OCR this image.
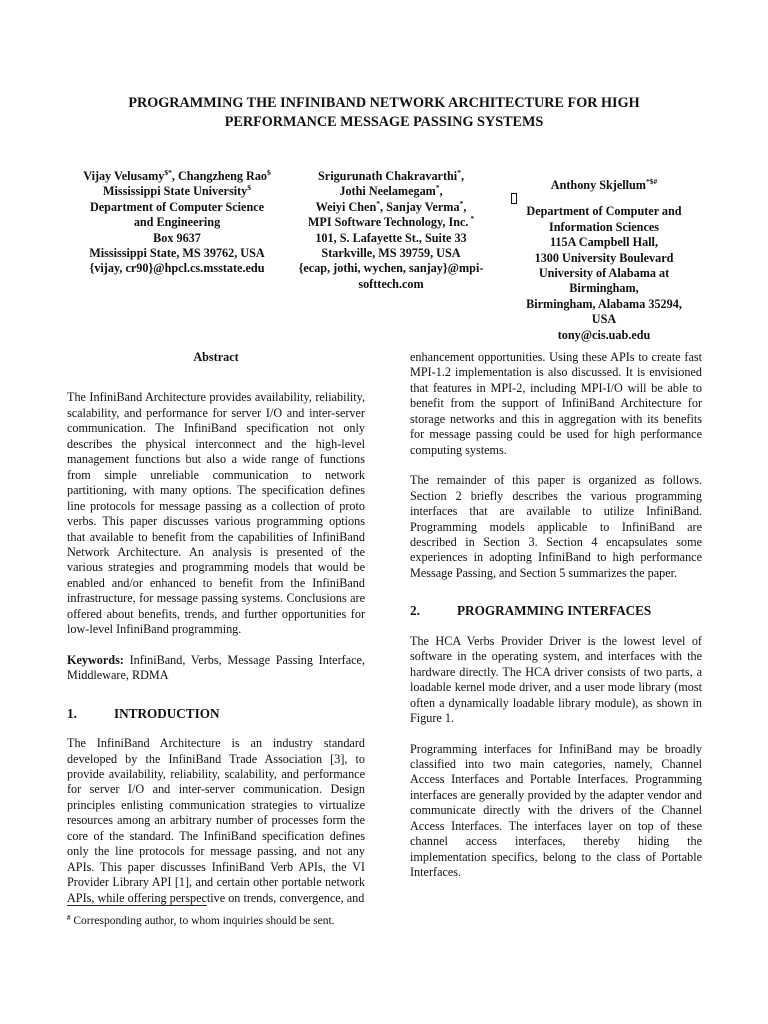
PROGRAMMING THE INFINIBAND NETWORK ARCHITECTURE FOR HIGH
PERFORMANCE MESSAGE PASSING SYSTEMS
Vijay Velusamy$*, Changzheng Rao$
Mississippi State University$
Department of Computer Science
and Engineering
Box 9637
Mississippi State, MS 39762, USA
{vijay, cr90}@hpcl.cs.msstate.edu
Srigurunath Chakravarthi*,
Jothi Neelamegam*,
Weiyi Chen*, Sanjay Verma*,
MPI Software Technology, Inc. *
101, S. Lafayette St., Suite 33
Starkville, MS 39759, USA
{ecap, jothi, wychen, sanjay}@mpi-
softtech.com
Anthony Skjellum*$#
Department of Computer and
Information Sciences
115A Campbell Hall,
1300 University Boulevard
University of Alabama at
Birmingham,
Birmingham, Alabama 35294,
USA
tony@cis.uab.edu

Abstract

The InfiniBand Architecture provides availability, reliability, scalability, and performance for server I/O and inter-server communication. The InfiniBand specification not only describes the physical interconnect and the high-level management functions but also a wide range of functions from simple unreliable communication to network partitioning, with many options. The specification defines line protocols for message passing as a collection of proto verbs. This paper discusses various programming options that available to benefit from the capabilities of InfiniBand Network Architecture. An analysis is presented of the various strategies and programming models that would be enabled and/or enhanced to benefit from the InfiniBand infrastructure, for message passing systems. Conclusions are offered about benefits, trends, and further opportunities for low-level InfiniBand programming.

Keywords: InfiniBand, Verbs, Message Passing Interface, Middleware, RDMA

1.	INTRODUCTION

The InfiniBand Architecture is an industry standard developed by the InfiniBand Trade Association [3], to provide availability, reliability, scalability, and performance for server I/O and inter-server communication. Design principles enlisting communication strategies to virtualize resources among an arbitrary number of processes form the core of the standard. The InfiniBand specification defines only the line protocols for message passing, and not any APIs. This paper discusses InfiniBand Verb APIs, the VI Provider Library API [1], and certain other portable network APIs, while offering perspective on trends, convergence, and

enhancement opportunities. Using these APIs to create fast MPI-1.2 implementation is also discussed. It is envisioned that features in MPI-2, including MPI-I/O will be able to benefit from the support of InfiniBand Architecture for storage networks and this in aggregation with its benefits for message passing could be used for high performance computing systems.

The remainder of this paper is organized as follows. Section 2 briefly describes the various programming interfaces that are available to utilize InfiniBand. Programming models applicable to InfiniBand are described in Section 3. Section 4 encapsulates some experiences in adopting InfiniBand to high performance Message Passing, and Section 5 summarizes the paper.

2.	PROGRAMMING INTERFACES

The HCA Verbs Provider Driver is the lowest level of software in the operating system, and interfaces with the hardware directly. The HCA driver consists of two parts, a loadable kernel mode driver, and a user mode library (most often a dynamically loadable library module), as shown in Figure 1.

Programming interfaces for InfiniBand may be broadly classified into two main categories, namely, Channel Access Interfaces and Portable Interfaces. Programming interfaces are generally provided by the adapter vendor and communicate directly with the drivers of the Channel Access Interfaces. The interfaces layer on top of these channel access interfaces, thereby hiding the implementation specifics, belong to the class of Portable Interfaces.

# Corresponding author, to whom inquiries should be sent.
